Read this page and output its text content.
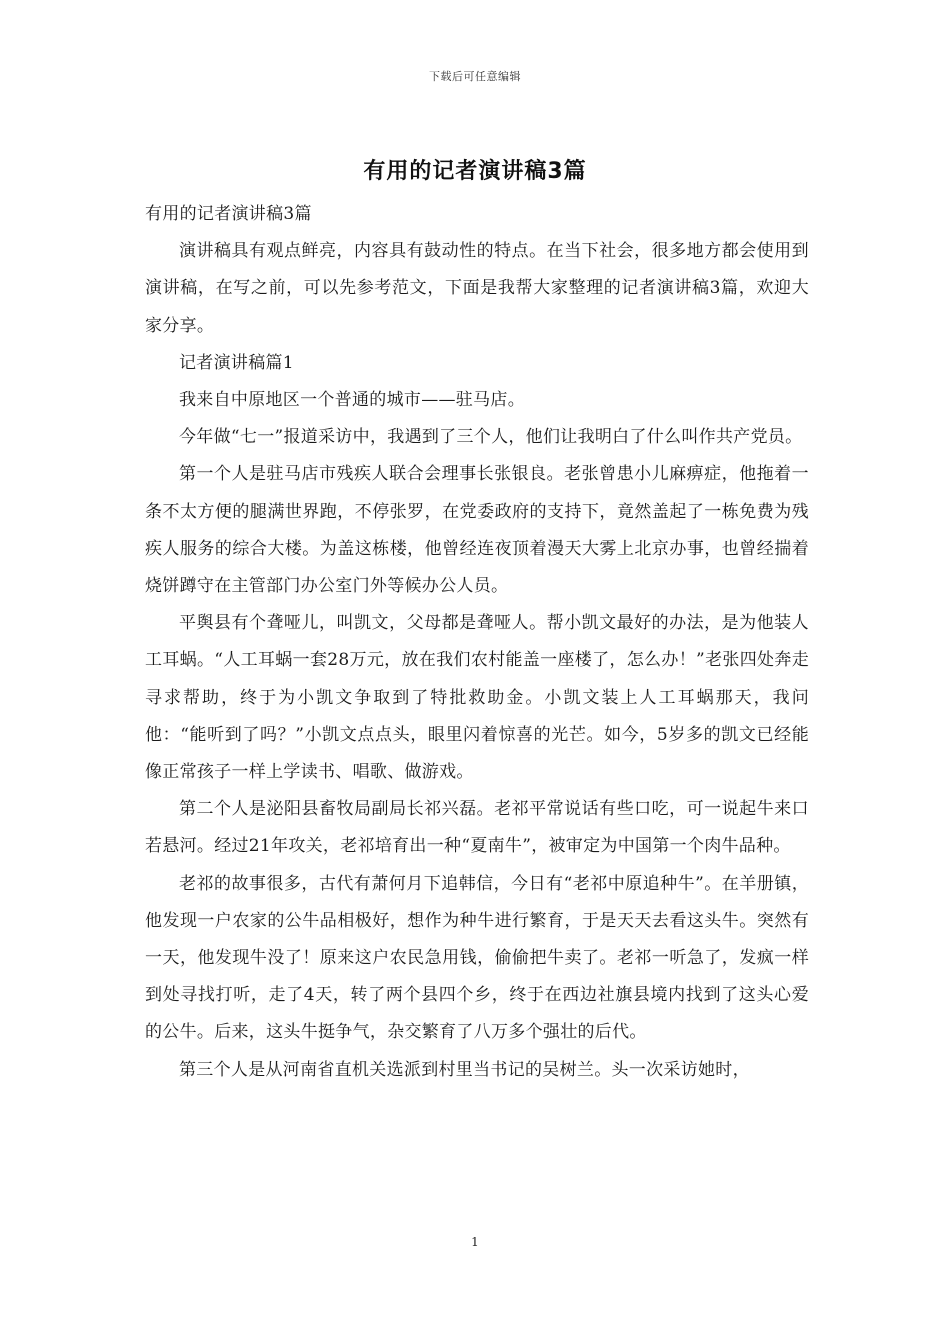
下载后可任意编辑
有用的记者演讲稿3篇

有用的记者演讲稿3篇

演讲稿具有观点鲜亮，内容具有鼓动性的特点。在当下社会，很多地方都会使用到演讲稿，在写之前，可以先参考范文，下面是我帮大家整理的记者演讲稿3篇，欢迎大家分享。

记者演讲稿篇1

我来自中原地区一个普通的城市——驻马店。

今年做“七一”报道采访中，我遇到了三个人，他们让我明白了什么叫作共产党员。

第一个人是驻马店市残疾人联合会理事长张银良。老张曾患小儿麻痹症，他拖着一条不太方便的腿满世界跑，不停张罗，在党委政府的支持下，竟然盖起了一栋免费为残疾人服务的综合大楼。为盖这栋楼，他曾经连夜顶着漫天大雾上北京办事，也曾经揣着烧饼蹲守在主管部门办公室门外等候办公人员。

平舆县有个聋哑儿，叫凯文，父母都是聋哑人。帮小凯文最好的办法，是为他装人工耳蜗。“人工耳蜗一套28万元，放在我们农村能盖一座楼了，怎么办！”老张四处奔走寻求帮助，终于为小凯文争取到了特批救助金。小凯文装上人工耳蜗那天，我问他：“能听到了吗？”小凯文点点头，眼里闪着惊喜的光芒。如今，5岁多的凯文已经能像正常孩子一样上学读书、唱歌、做游戏。

第二个人是泌阳县畜牧局副局长祁兴磊。老祁平常说话有些口吃，可一说起牛来口若悬河。经过21年攻关，老祁培育出一种“夏南牛”，被审定为中国第一个肉牛品种。

老祁的故事很多，古代有萧何月下追韩信，今日有“老祁中原追种牛”。在羊册镇，他发现一户农家的公牛品相极好，想作为种牛进行繁育，于是天天去看这头牛。突然有一天，他发现牛没了！原来这户农民急用钱，偷偷把牛卖了。老祁一听急了，发疯一样到处寻找打听，走了4天，转了两个县四个乡，终于在西边社旗县境内找到了这头心爱的公牛。后来，这头牛挺争气，杂交繁育了八万多个强壮的后代。

第三个人是从河南省直机关选派到村里当书记的吴树兰。头一次采访她时，

1
